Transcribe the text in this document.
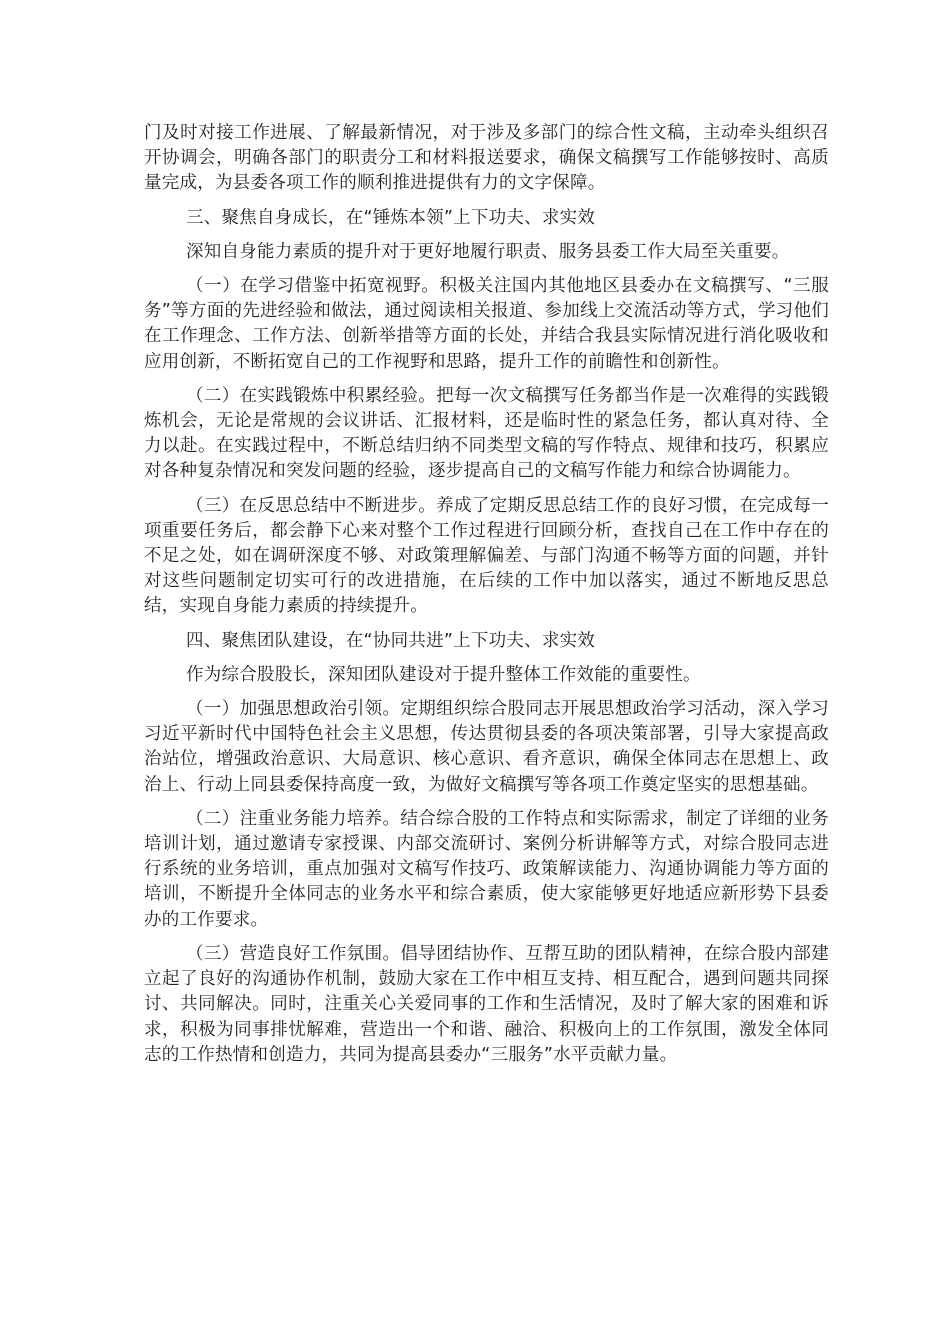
门及时对接工作进展、了解最新情况，对于涉及多部门的综合性文稿，主动牵头组织召开协调会，明确各部门的职责分工和材料报送要求，确保文稿撰写工作能够按时、高质量完成，为县委各项工作的顺利推进提供有力的文字保障。

三、聚焦自身成长，在“锤炼本领”上下功夫、求实效

深知自身能力素质的提升对于更好地履行职责、服务县委工作大局至关重要。

（一）在学习借鉴中拓宽视野。积极关注国内其他地区县委办在文稿撰写、“三服务”等方面的先进经验和做法，通过阅读相关报道、参加线上交流活动等方式，学习他们在工作理念、工作方法、创新举措等方面的长处，并结合我县实际情况进行消化吸收和应用创新，不断拓宽自己的工作视野和思路，提升工作的前瞻性和创新性。

（二）在实践锻炼中积累经验。把每一次文稿撰写任务都当作是一次难得的实践锻炼机会，无论是常规的会议讲话、汇报材料，还是临时性的紧急任务，都认真对待、全力以赴。在实践过程中，不断总结归纳不同类型文稿的写作特点、规律和技巧，积累应对各种复杂情况和突发问题的经验，逐步提高自己的文稿写作能力和综合协调能力。

（三）在反思总结中不断进步。养成了定期反思总结工作的良好习惯，在完成每一项重要任务后，都会静下心来对整个工作过程进行回顾分析，查找自己在工作中存在的不足之处，如在调研深度不够、对政策理解偏差、与部门沟通不畅等方面的问题，并针对这些问题制定切实可行的改进措施，在后续的工作中加以落实，通过不断地反思总结，实现自身能力素质的持续提升。

四、聚焦团队建设，在“协同共进”上下功夫、求实效

作为综合股股长，深知团队建设对于提升整体工作效能的重要性。

（一）加强思想政治引领。定期组织综合股同志开展思想政治学习活动，深入学习习近平新时代中国特色社会主义思想，传达贯彻县委的各项决策部署，引导大家提高政治站位，增强政治意识、大局意识、核心意识、看齐意识，确保全体同志在思想上、政治上、行动上同县委保持高度一致，为做好文稿撰写等各项工作奠定坚实的思想基础。

（二）注重业务能力培养。结合综合股的工作特点和实际需求，制定了详细的业务培训计划，通过邀请专家授课、内部交流研讨、案例分析讲解等方式，对综合股同志进行系统的业务培训，重点加强对文稿写作技巧、政策解读能力、沟通协调能力等方面的培训，不断提升全体同志的业务水平和综合素质，使大家能够更好地适应新形势下县委办的工作要求。

（三）营造良好工作氛围。倡导团结协作、互帮互助的团队精神，在综合股内部建立起了良好的沟通协作机制，鼓励大家在工作中相互支持、相互配合，遇到问题共同探讨、共同解决。同时，注重关心关爱同事的工作和生活情况，及时了解大家的困难和诉求，积极为同事排忧解难，营造出一个和谐、融洽、积极向上的工作氛围，激发全体同志的工作热情和创造力，共同为提高县委办“三服务”水平贡献力量。
